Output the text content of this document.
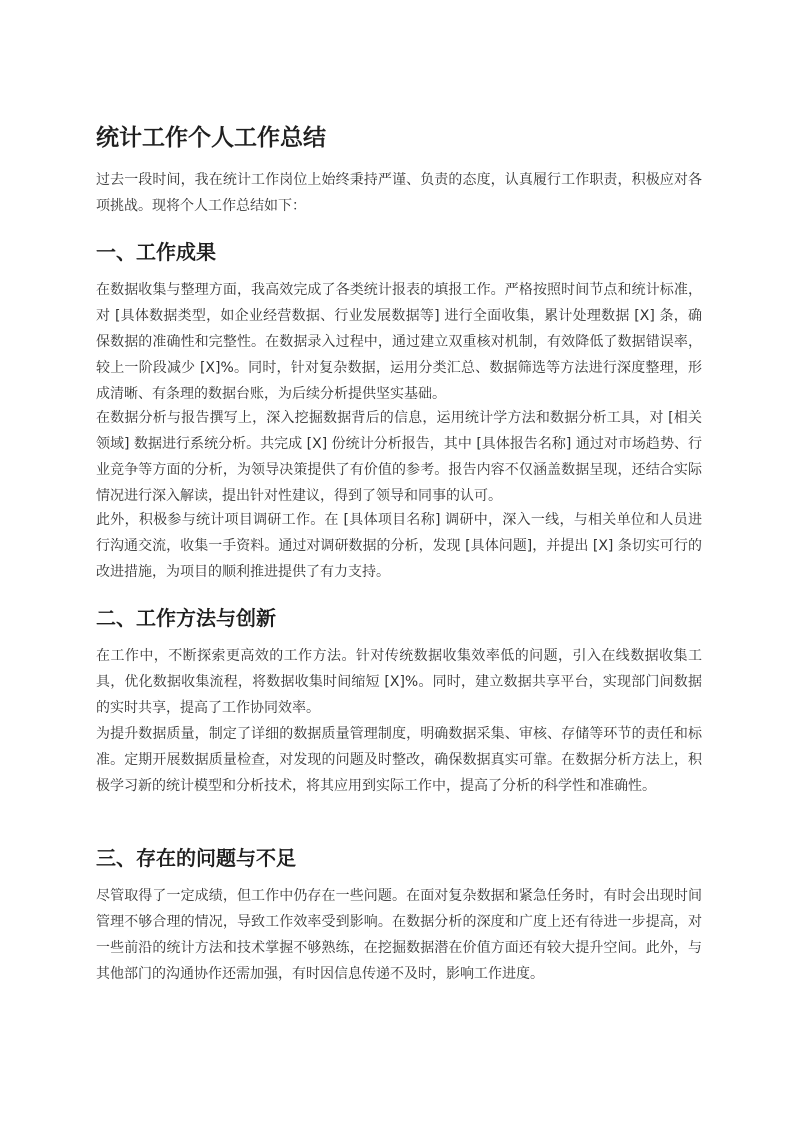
统计工作个人工作总结

过去一段时间，我在统计工作岗位上始终秉持严谨、负责的态度，认真履行工作职责，积极应对各项挑战。现将个人工作总结如下：

一、工作成果

在数据收集与整理方面，我高效完成了各类统计报表的填报工作。严格按照时间节点和统计标准，对 [具体数据类型，如企业经营数据、行业发展数据等] 进行全面收集，累计处理数据 [X] 条，确保数据的准确性和完整性。在数据录入过程中，通过建立双重核对机制，有效降低了数据错误率，较上一阶段减少 [X]%。同时，针对复杂数据，运用分类汇总、数据筛选等方法进行深度整理，形成清晰、有条理的数据台账，为后续分析提供坚实基础。

在数据分析与报告撰写上，深入挖掘数据背后的信息，运用统计学方法和数据分析工具，对 [相关领域] 数据进行系统分析。共完成 [X] 份统计分析报告，其中 [具体报告名称] 通过对市场趋势、行业竞争等方面的分析，为领导决策提供了有价值的参考。报告内容不仅涵盖数据呈现，还结合实际情况进行深入解读，提出针对性建议，得到了领导和同事的认可。

此外，积极参与统计项目调研工作。在 [具体项目名称] 调研中，深入一线，与相关单位和人员进行沟通交流，收集一手资料。通过对调研数据的分析，发现 [具体问题]，并提出 [X] 条切实可行的改进措施，为项目的顺利推进提供了有力支持。

二、工作方法与创新

在工作中，不断探索更高效的工作方法。针对传统数据收集效率低的问题，引入在线数据收集工具，优化数据收集流程，将数据收集时间缩短 [X]%。同时，建立数据共享平台，实现部门间数据的实时共享，提高了工作协同效率。

为提升数据质量，制定了详细的数据质量管理制度，明确数据采集、审核、存储等环节的责任和标准。定期开展数据质量检查，对发现的问题及时整改，确保数据真实可靠。在数据分析方法上，积极学习新的统计模型和分析技术，将其应用到实际工作中，提高了分析的科学性和准确性。

三、存在的问题与不足

尽管取得了一定成绩，但工作中仍存在一些问题。在面对复杂数据和紧急任务时，有时会出现时间管理不够合理的情况，导致工作效率受到影响。在数据分析的深度和广度上还有待进一步提高，对一些前沿的统计方法和技术掌握不够熟练，在挖掘数据潜在价值方面还有较大提升空间。此外，与其他部门的沟通协作还需加强，有时因信息传递不及时，影响工作进度。
